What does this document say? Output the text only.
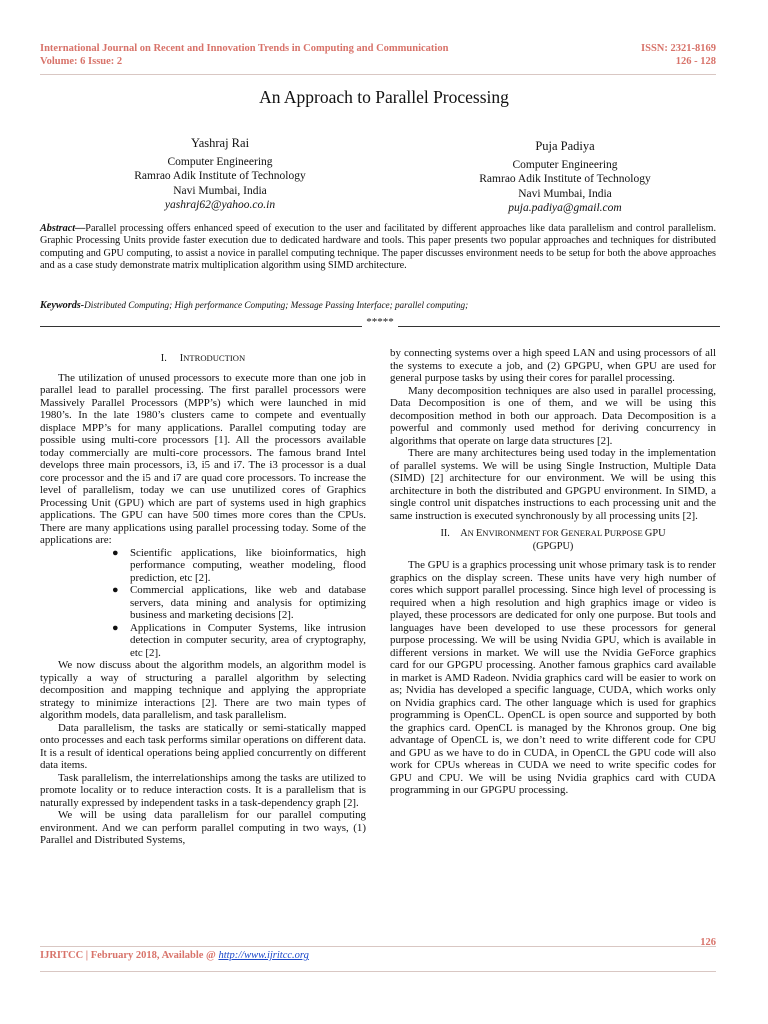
International Journal on Recent and Innovation Trends in Computing and Communication
Volume: 6 Issue: 2
ISSN: 2321-8169
126 - 128
An Approach to Parallel Processing
Yashraj Rai
Computer Engineering
Ramrao Adik Institute of Technology
Navi Mumbai, India
yashraj62@yahoo.co.in
Puja Padiya
Computer Engineering
Ramrao Adik Institute of Technology
Navi Mumbai, India
puja.padiya@gmail.com
Abstract—Parallel processing offers enhanced speed of execution to the user and facilitated by different approaches like data parallelism and control parallelism. Graphic Processing Units provide faster execution due to dedicated hardware and tools. This paper presents two popular approaches and techniques for distributed computing and GPU computing, to assist a novice in parallel computing technique. The paper discusses environment needs to be setup for both the above approaches and as a case study demonstrate matrix multiplication algorithm using SIMD architecture.
Keywords-Distributed Computing; High performance Computing; Message Passing Interface; parallel computing;
*****
I. INTRODUCTION

The utilization of unused processors to execute more than one job in parallel lead to parallel processing. The first parallel processors were Massively Parallel Processors (MPP’s) which were launched in mid 1980’s. In the late 1980’s clusters came to compete and eventually displace MPP’s for many applications. Parallel computing today are possible using multi-core processors [1]. All the processors available today commercially are multi-core processors. The famous brand Intel develops three main processors, i3, i5 and i7. The i3 processor is a dual core processor and the i5 and i7 are quad core processors. To increase the level of parallelism, today we can use unutilized cores of Graphics Processing Unit (GPU) which are part of systems used in high graphics applications. The GPU can have 500 times more cores than the CPUs. There are many applications using parallel processing today. Some of the applications are:

● Scientific applications, like bioinformatics, high performance computing, weather modeling, flood prediction, etc [2].
● Commercial applications, like web and database servers, data mining and analysis for optimizing business and marketing decisions [2].
● Applications in Computer Systems, like intrusion detection in computer security, area of cryptography, etc [2].

We now discuss about the algorithm models, an algorithm model is typically a way of structuring a parallel algorithm by selecting decomposition and mapping technique and applying the appropriate strategy to minimize interactions [2]. There are two main types of algorithm models, data parallelism, and task parallelism.

Data parallelism, the tasks are statically or semi-statically mapped onto processes and each task performs similar operations on different data. It is a result of identical operations being applied concurrently on different data items.

Task parallelism, the interrelationships among the tasks are utilized to promote locality or to reduce interaction costs. It is a parallelism that is naturally expressed by independent tasks in a task-dependency graph [2].

We will be using data parallelism for our parallel computing environment. And we can perform parallel computing in two ways, (1) Parallel and Distributed Systems,

by connecting systems over a high speed LAN and using processors of all the systems to execute a job, and (2) GPGPU, when GPU are used for general purpose tasks by using their cores for parallel processing.

Many decomposition techniques are also used in parallel processing, Data Decomposition is one of them, and we will be using this decomposition method in both our approach. Data Decomposition is a powerful and commonly used method for deriving concurrency in algorithms that operate on large data structures [2].

There are many architectures being used today in the implementation of parallel systems. We will be using Single Instruction, Multiple Data (SIMD) [2] architecture for our environment. We will be using this architecture in both the distributed and GPGPU environment. In SIMD, a single control unit dispatches instructions to each processing unit and the same instruction is executed synchronously by all processing units [2].

II. AN ENVIRONMENT FOR GENERAL PURPOSE GPU
(GPGPU)

The GPU is a graphics processing unit whose primary task is to render graphics on the display screen. These units have very high number of cores which support parallel processing. Since high level of processing is required when a high resolution and high graphics image or video is played, these processors are dedicated for only one purpose. But tools and languages have been developed to use these processors for general purpose processing. We will be using Nvidia GPU, which is available in different versions in market. We will use the Nvidia GeForce graphics card for our GPGPU processing. Another famous graphics card available in market is AMD Radeon. Nvidia graphics card will be easier to work on as; Nvidia has developed a specific language, CUDA, which works only on Nvidia graphics card. The other language which is used for graphics programming is OpenCL. OpenCL is open source and supported by both the graphics card. OpenCL is managed by the Khronos group. One big advantage of OpenCL is, we don’t need to write different code for CPU and GPU as we have to do in CUDA, in OpenCL the GPU code will also work for CPUs whereas in CUDA we need to write specific codes for GPU and CPU. We will be using Nvidia graphics card with CUDA programming in our GPGPU processing.

126
IJRITCC | February 2018, Available @ http://www.ijritcc.org
